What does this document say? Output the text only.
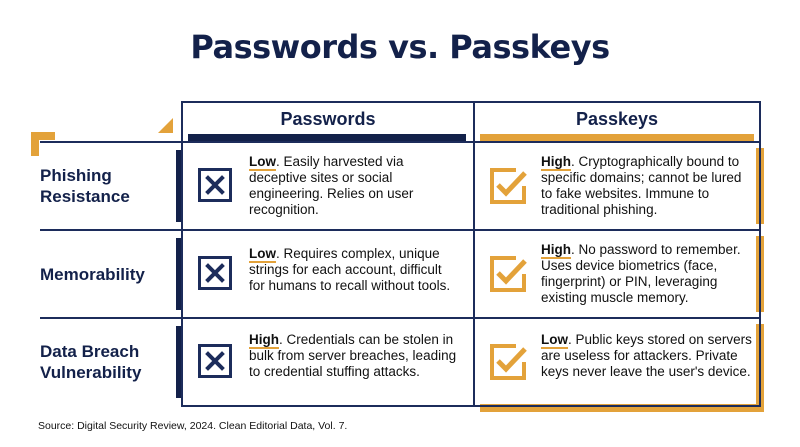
Passwords vs. Passkeys
Passwords	Passkeys
Phishing Resistance
Low. Easily harvested via deceptive sites or social engineering. Relies on user recognition.
High. Cryptographically bound to specific domains; cannot be lured to fake websites. Immune to traditional phishing.
Memorability
Low. Requires complex, unique strings for each account, difficult for humans to recall without tools.
High. No password to remember. Uses device biometrics (face, fingerprint) or PIN, leveraging existing muscle memory.
Data Breach Vulnerability
High. Credentials can be stolen in bulk from server breaches, leading to credential stuffing attacks.
Low. Public keys stored on servers are useless for attackers. Private keys never leave the user's device.
Source: Digital Security Review, 2024. Clean Editorial Data, Vol. 7.
